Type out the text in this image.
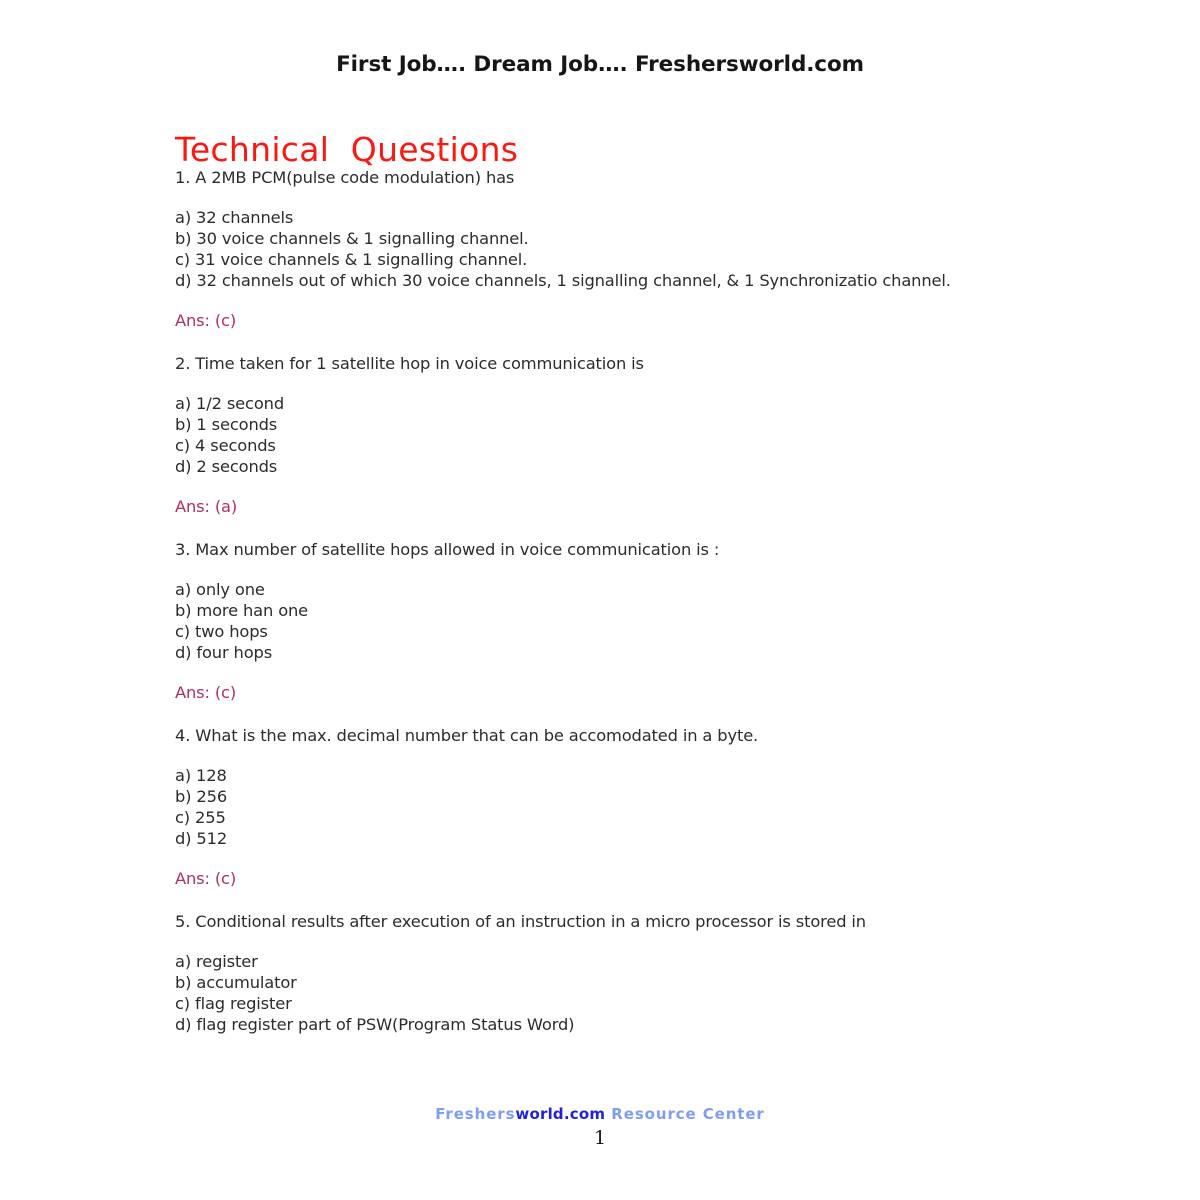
First Job…. Dream Job…. Freshersworld.com
Technical  Questions

1. A 2MB PCM(pulse code modulation) has

a) 32 channels
b) 30 voice channels & 1 signalling channel.
c) 31 voice channels & 1 signalling channel.
d) 32 channels out of which 30 voice channels, 1 signalling channel, & 1 Synchronizatio channel.

Ans: (c)

2. Time taken for 1 satellite hop in voice communication is

a) 1/2 second
b) 1 seconds
c) 4 seconds
d) 2 seconds

Ans: (a)

3. Max number of satellite hops allowed in voice communication is :

a) only one
b) more han one
c) two hops
d) four hops

Ans: (c)

4. What is the max. decimal number that can be accomodated in a byte.

a) 128
b) 256
c) 255
d) 512

Ans: (c)

5. Conditional results after execution of an instruction in a micro processor is stored in

a) register
b) accumulator
c) flag register
d) flag register part of PSW(Program Status Word)
Freshersworld.com Resource Center
1
